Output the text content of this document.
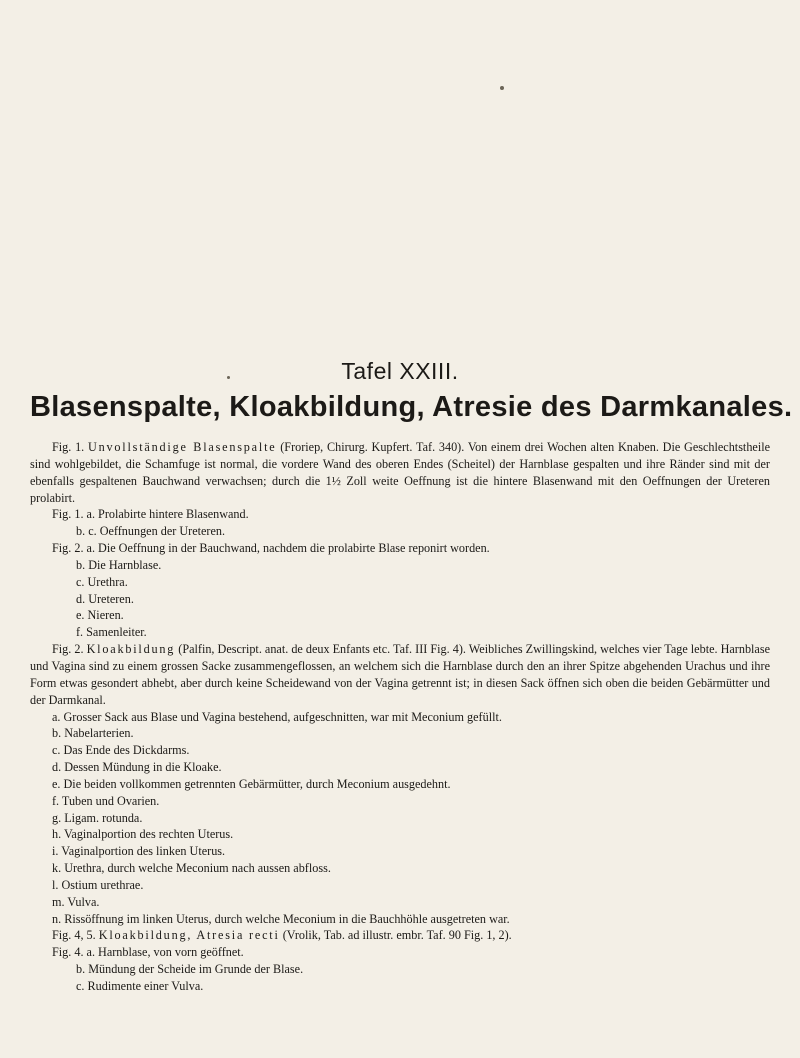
Tafel XXIII.
Blasenspalte, Kloakbildung, Atresie des Darmkanales.

Fig. 1. Unvollständige Blasenspalte (Froriep, Chirurg. Kupfert. Taf. 340). Von einem drei Wochen alten Knaben. Die Geschlechtstheile sind wohlgebildet, die Schamfuge ist normal, die vordere Wand des oberen Endes (Scheitel) der Harnblase gespalten und ihre Ränder sind mit der ebenfalls gespaltenen Bauchwand verwachsen; durch die 1½ Zoll weite Oeffnung ist die hintere Blasenwand mit den Oeffnungen der Ureteren prolabirt.

Fig. 1. a. Prolabirte hintere Blasenwand.
b. c. Oeffnungen der Ureteren.
Fig. 2. a. Die Oeffnung in der Bauchwand, nachdem die prolabirte Blase reponirt worden.
b. Die Harnblase.
c. Urethra.
d. Ureteren.
e. Nieren.
f. Samenleiter.

Fig. 2. Kloakbildung (Palfin, Descript. anat. de deux Enfants etc. Taf. III Fig. 4). Weibliches Zwillingskind, welches vier Tage lebte. Harnblase und Vagina sind zu einem grossen Sacke zusammengeflossen, an welchem sich die Harnblase durch den an ihrer Spitze abgehenden Urachus und ihre Form etwas gesondert abhebt, aber durch keine Scheidewand von der Vagina getrennt ist; in diesen Sack öffnen sich oben die beiden Gebärmütter und der Darmkanal.

a. Grosser Sack aus Blase und Vagina bestehend, aufgeschnitten, war mit Meconium gefüllt.
b. Nabelarterien.
c. Das Ende des Dickdarms.
d. Dessen Mündung in die Kloake.
e. Die beiden vollkommen getrennten Gebärmütter, durch Meconium ausgedehnt.
f. Tuben und Ovarien.
g. Ligam. rotunda.
h. Vaginalportion des rechten Uterus.
i. Vaginalportion des linken Uterus.
k. Urethra, durch welche Meconium nach aussen abfloss.
l. Ostium urethrae.
m. Vulva.
n. Rissöffnung im linken Uterus, durch welche Meconium in die Bauchhöhle ausgetreten war.
Fig. 4, 5. Kloakbildung, Atresia recti (Vrolik, Tab. ad illustr. embr. Taf. 90 Fig. 1, 2).
Fig. 4. a. Harnblase, von vorn geöffnet.
b. Mündung der Scheide im Grunde der Blase.
c. Rudimente einer Vulva.
